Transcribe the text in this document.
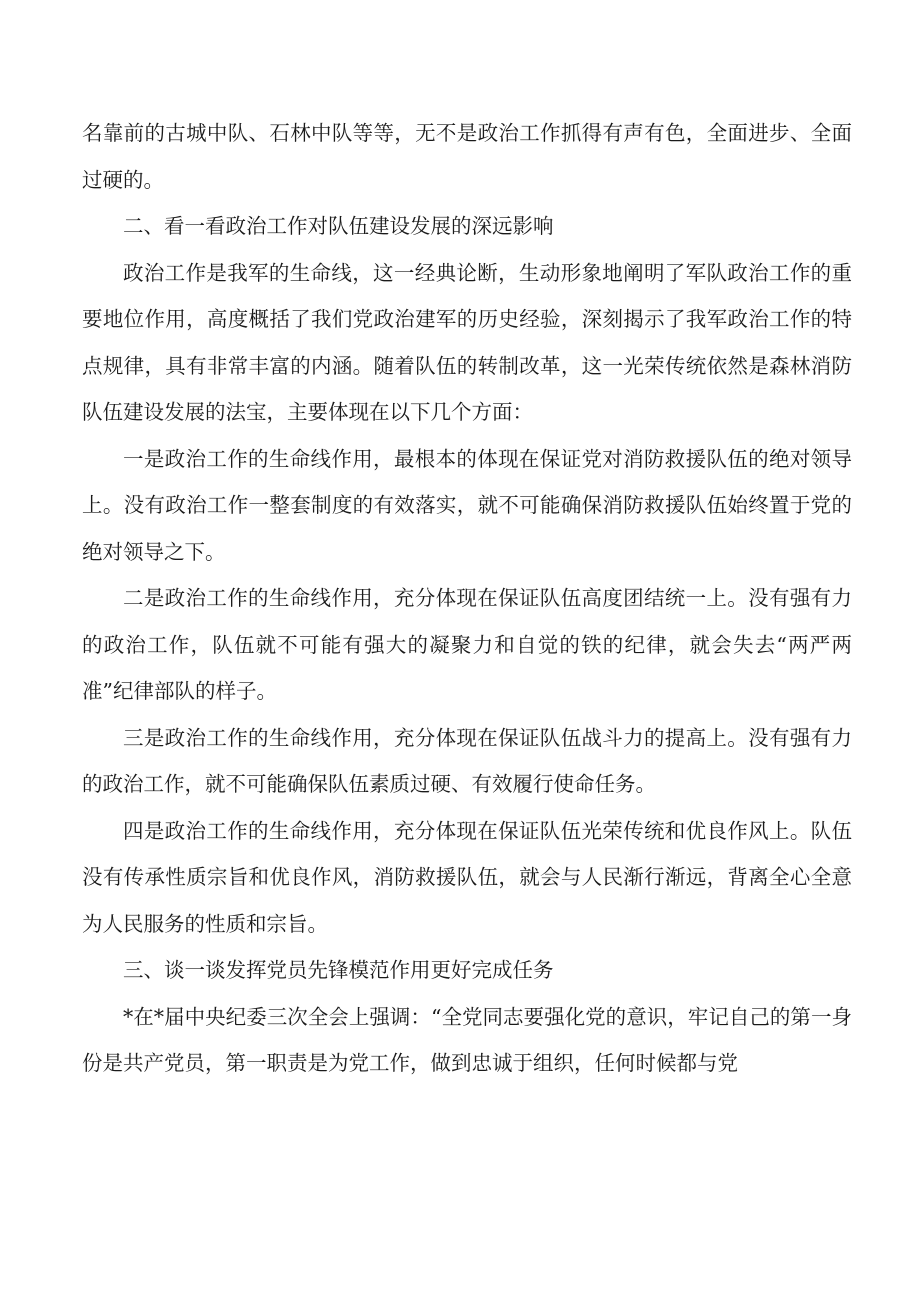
名靠前的古城中队、石林中队等等，无不是政治工作抓得有声有色，全面进步、全面过硬的。

二、看一看政治工作对队伍建设发展的深远影响

政治工作是我军的生命线，这一经典论断，生动形象地阐明了军队政治工作的重要地位作用，高度概括了我们党政治建军的历史经验，深刻揭示了我军政治工作的特点规律，具有非常丰富的内涵。随着队伍的转制改革，这一光荣传统依然是森林消防队伍建设发展的法宝，主要体现在以下几个方面：

一是政治工作的生命线作用，最根本的体现在保证党对消防救援队伍的绝对领导上。没有政治工作一整套制度的有效落实，就不可能确保消防救援队伍始终置于党的绝对领导之下。

二是政治工作的生命线作用，充分体现在保证队伍高度团结统一上。没有强有力的政治工作，队伍就不可能有强大的凝聚力和自觉的铁的纪律，就会失去“两严两准”纪律部队的样子。

三是政治工作的生命线作用，充分体现在保证队伍战斗力的提高上。没有强有力的政治工作，就不可能确保队伍素质过硬、有效履行使命任务。

四是政治工作的生命线作用，充分体现在保证队伍光荣传统和优良作风上。队伍没有传承性质宗旨和优良作风，消防救援队伍，就会与人民渐行渐远，背离全心全意为人民服务的性质和宗旨。

三、谈一谈发挥党员先锋模范作用更好完成任务

*在*届中央纪委三次全会上强调：“全党同志要强化党的意识，牢记自己的第一身份是共产党员，第一职责是为党工作，做到忠诚于组织，任何时候都与党
